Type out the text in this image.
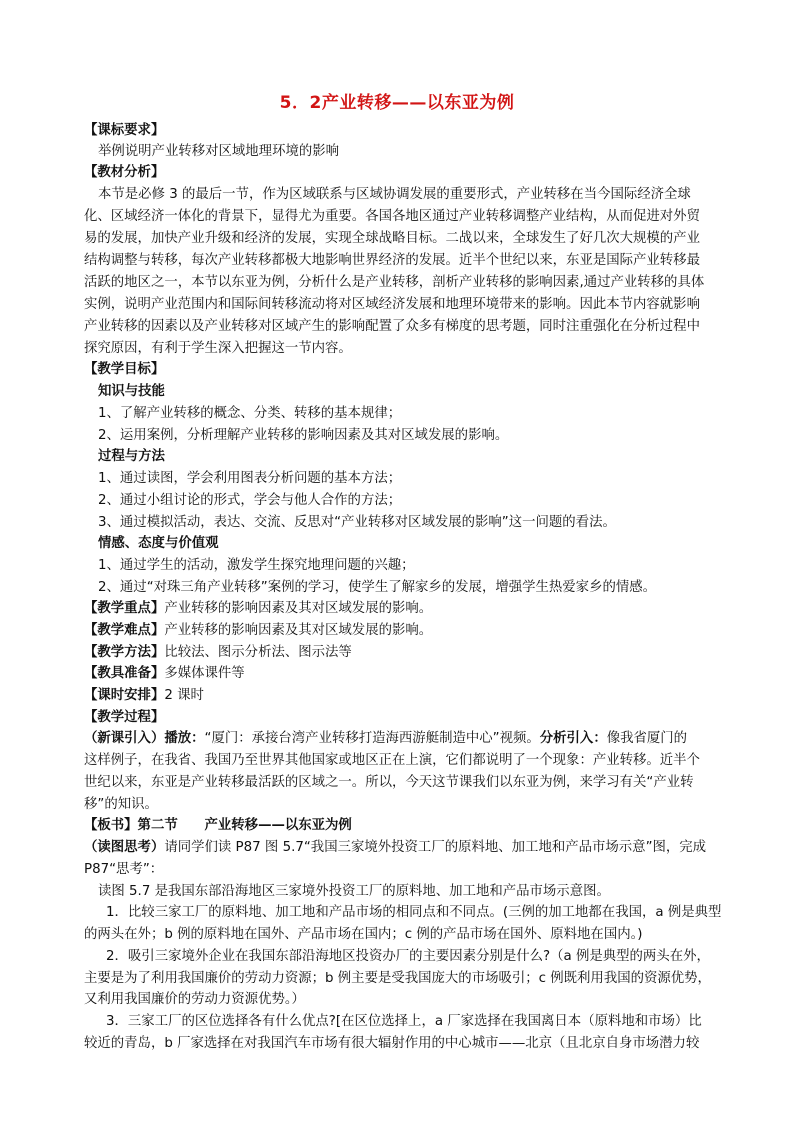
5．2产业转移——以东亚为例
【课标要求】
举例说明产业转移对区域地理环境的影响
【教材分析】
本节是必修 3 的最后一节，作为区域联系与区域协调发展的重要形式，产业转移在当今国际经济全球
化、区域经济一体化的背景下，显得尤为重要。各国各地区通过产业转移调整产业结构，从而促进对外贸
易的发展，加快产业升级和经济的发展，实现全球战略目标。二战以来，全球发生了好几次大规模的产业
结构调整与转移，每次产业转移都极大地影响世界经济的发展。近半个世纪以来，东亚是国际产业转移最
活跃的地区之一，本节以东亚为例，分析什么是产业转移，剖析产业转移的影响因素,通过产业转移的具体
实例，说明产业范围内和国际间转移流动将对区域经济发展和地理环境带来的影响。因此本节内容就影响
产业转移的因素以及产业转移对区域产生的影响配置了众多有梯度的思考题，同时注重强化在分析过程中
探究原因，有利于学生深入把握这一节内容。
【教学目标】
知识与技能
1、了解产业转移的概念、分类、转移的基本规律；
2、运用案例，分析理解产业转移的影响因素及其对区域发展的影响。
过程与方法
1、通过读图，学会利用图表分析问题的基本方法；
2、通过小组讨论的形式，学会与他人合作的方法；
3、通过模拟活动，表达、交流、反思对“产业转移对区域发展的影响”这一问题的看法。
情感、态度与价值观
1、通过学生的活动，激发学生探究地理问题的兴趣；
2、通过“对珠三角产业转移”案例的学习，使学生了解家乡的发展，增强学生热爱家乡的情感。
【教学重点】产业转移的影响因素及其对区域发展的影响。
【教学难点】产业转移的影响因素及其对区域发展的影响。
【教学方法】比较法、图示分析法、图示法等
【教具准备】多媒体课件等
【课时安排】2 课时
【教学过程】
（新课引入）播放：“厦门：承接台湾产业转移打造海西游艇制造中心”视频。分析引入：像我省厦门的
这样例子，在我省、我国乃至世界其他国家或地区正在上演，它们都说明了一个现象：产业转移。近半个
世纪以来，东亚是产业转移最活跃的区域之一。所以，今天这节课我们以东亚为例，来学习有关“产业转
移”的知识。
【板书】第二节　　产业转移——以东亚为例
（读图思考）请同学们读 P87 图 5.7“我国三家境外投资工厂的原料地、加工地和产品市场示意”图，完成
P87“思考”：
读图 5.7 是我国东部沿海地区三家境外投资工厂的原料地、加工地和产品市场示意图。
1．比较三家工厂的原料地、加工地和产品市场的相同点和不同点。(三例的加工地都在我国，a 例是典型
的两头在外；b 例的原料地在国外、产品市场在国内；c 例的产品市场在国外、原料地在国内。)
2．吸引三家境外企业在我国东部沿海地区投资办厂的主要因素分别是什么?（a 例是典型的两头在外，
主要是为了利用我国廉价的劳动力资源；b 例主要是受我国庞大的市场吸引；c 例既利用我国的资源优势，
又利用我国廉价的劳动力资源优势。）
3．三家工厂的区位选择各有什么优点?[在区位选择上，a 厂家选择在我国离日本（原料地和市场）比
较近的青岛，b 厂家选择在对我国汽车市场有很大辐射作用的中心城市——北京（且北京自身市场潜力较
